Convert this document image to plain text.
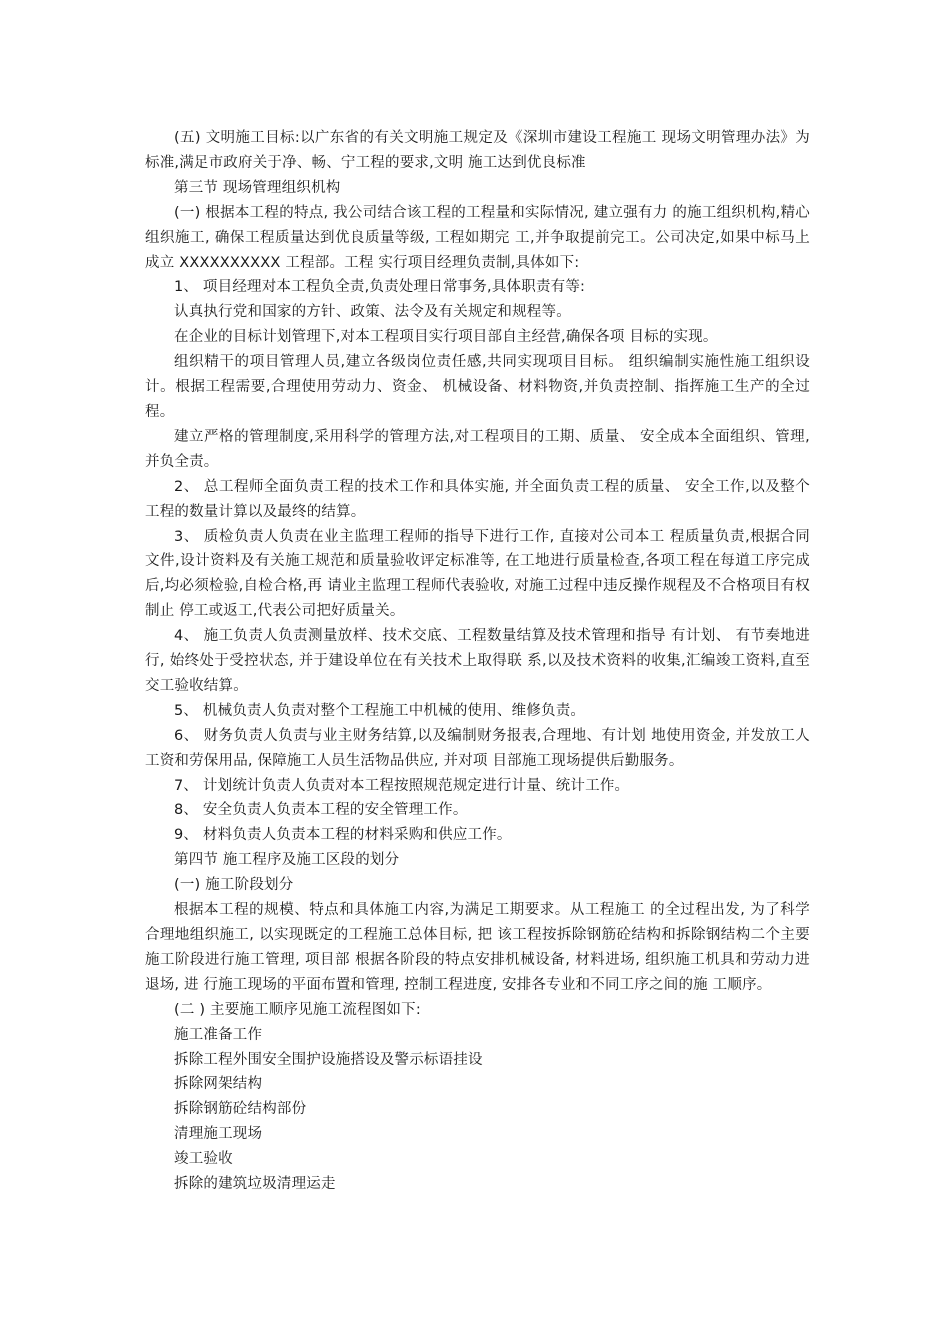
(五) 文明施工目标:以广东省的有关文明施工规定及《深圳市建设工程施工 现场文明管理办法》为标准,满足市政府关于净、畅、宁工程的要求,文明 施工达到优良标准

第三节 现场管理组织机构

(一) 根据本工程的特点, 我公司结合该工程的工程量和实际情况, 建立强有力 的施工组织机构,精心组织施工, 确保工程质量达到优良质量等级, 工程如期完 工,并争取提前完工。公司决定,如果中标马上成立 XXXXXXXXXX 工程部。工程 实行项目经理负责制,具体如下:

1、 项目经理对本工程负全责,负责处理日常事务,具体职责有等:

认真执行党和国家的方针、政策、法令及有关规定和规程等。

在企业的目标计划管理下,对本工程项目实行项目部自主经营,确保各项 目标的实现。

组织精干的项目管理人员,建立各级岗位责任感,共同实现项目目标。 组织编制实施性施工组织设计。根据工程需要,合理使用劳动力、资金、 机械设备、材料物资,并负责控制、指挥施工生产的全过程。

建立严格的管理制度,采用科学的管理方法,对工程项目的工期、质量、 安全成本全面组织、管理,并负全责。

2、 总工程师全面负责工程的技术工作和具体实施, 并全面负责工程的质量、 安全工作,以及整个工程的数量计算以及最终的结算。

3、 质检负责人负责在业主监理工程师的指导下进行工作, 直接对公司本工 程质量负责,根据合同文件,设计资料及有关施工规范和质量验收评定标准等, 在工地进行质量检查,各项工程在每道工序完成后,均必须检验,自检合格,再 请业主监理工程师代表验收, 对施工过程中违反操作规程及不合格项目有权制止 停工或返工,代表公司把好质量关。

4、 施工负责人负责测量放样、技术交底、工程数量结算及技术管理和指导 有计划、 有节奏地进行, 始终处于受控状态, 并于建设单位在有关技术上取得联 系,以及技术资料的收集,汇编竣工资料,直至交工验收结算。

5、 机械负责人负责对整个工程施工中机械的使用、维修负责。

6、 财务负责人负责与业主财务结算,以及编制财务报表,合理地、有计划 地使用资金, 并发放工人工资和劳保用品, 保障施工人员生活物品供应, 并对项 目部施工现场提供后勤服务。

7、 计划统计负责人负责对本工程按照规范规定进行计量、统计工作。

8、 安全负责人负责本工程的安全管理工作。

9、 材料负责人负责本工程的材料采购和供应工作。

第四节 施工程序及施工区段的划分

(一) 施工阶段划分

根据本工程的规模、特点和具体施工内容,为满足工期要求。从工程施工 的全过程出发, 为了科学合理地组织施工, 以实现既定的工程施工总体目标, 把 该工程按拆除钢筋砼结构和拆除钢结构二个主要施工阶段进行施工管理, 项目部 根据各阶段的特点安排机械设备, 材料进场, 组织施工机具和劳动力进退场, 进 行施工现场的平面布置和管理, 控制工程进度, 安排各专业和不同工序之间的施 工顺序。

(二 ) 主要施工顺序见施工流程图如下:

施工准备工作

拆除工程外围安全围护设施搭设及警示标语挂设

拆除网架结构

拆除钢筋砼结构部份

清理施工现场

竣工验收

拆除的建筑垃圾清理运走
